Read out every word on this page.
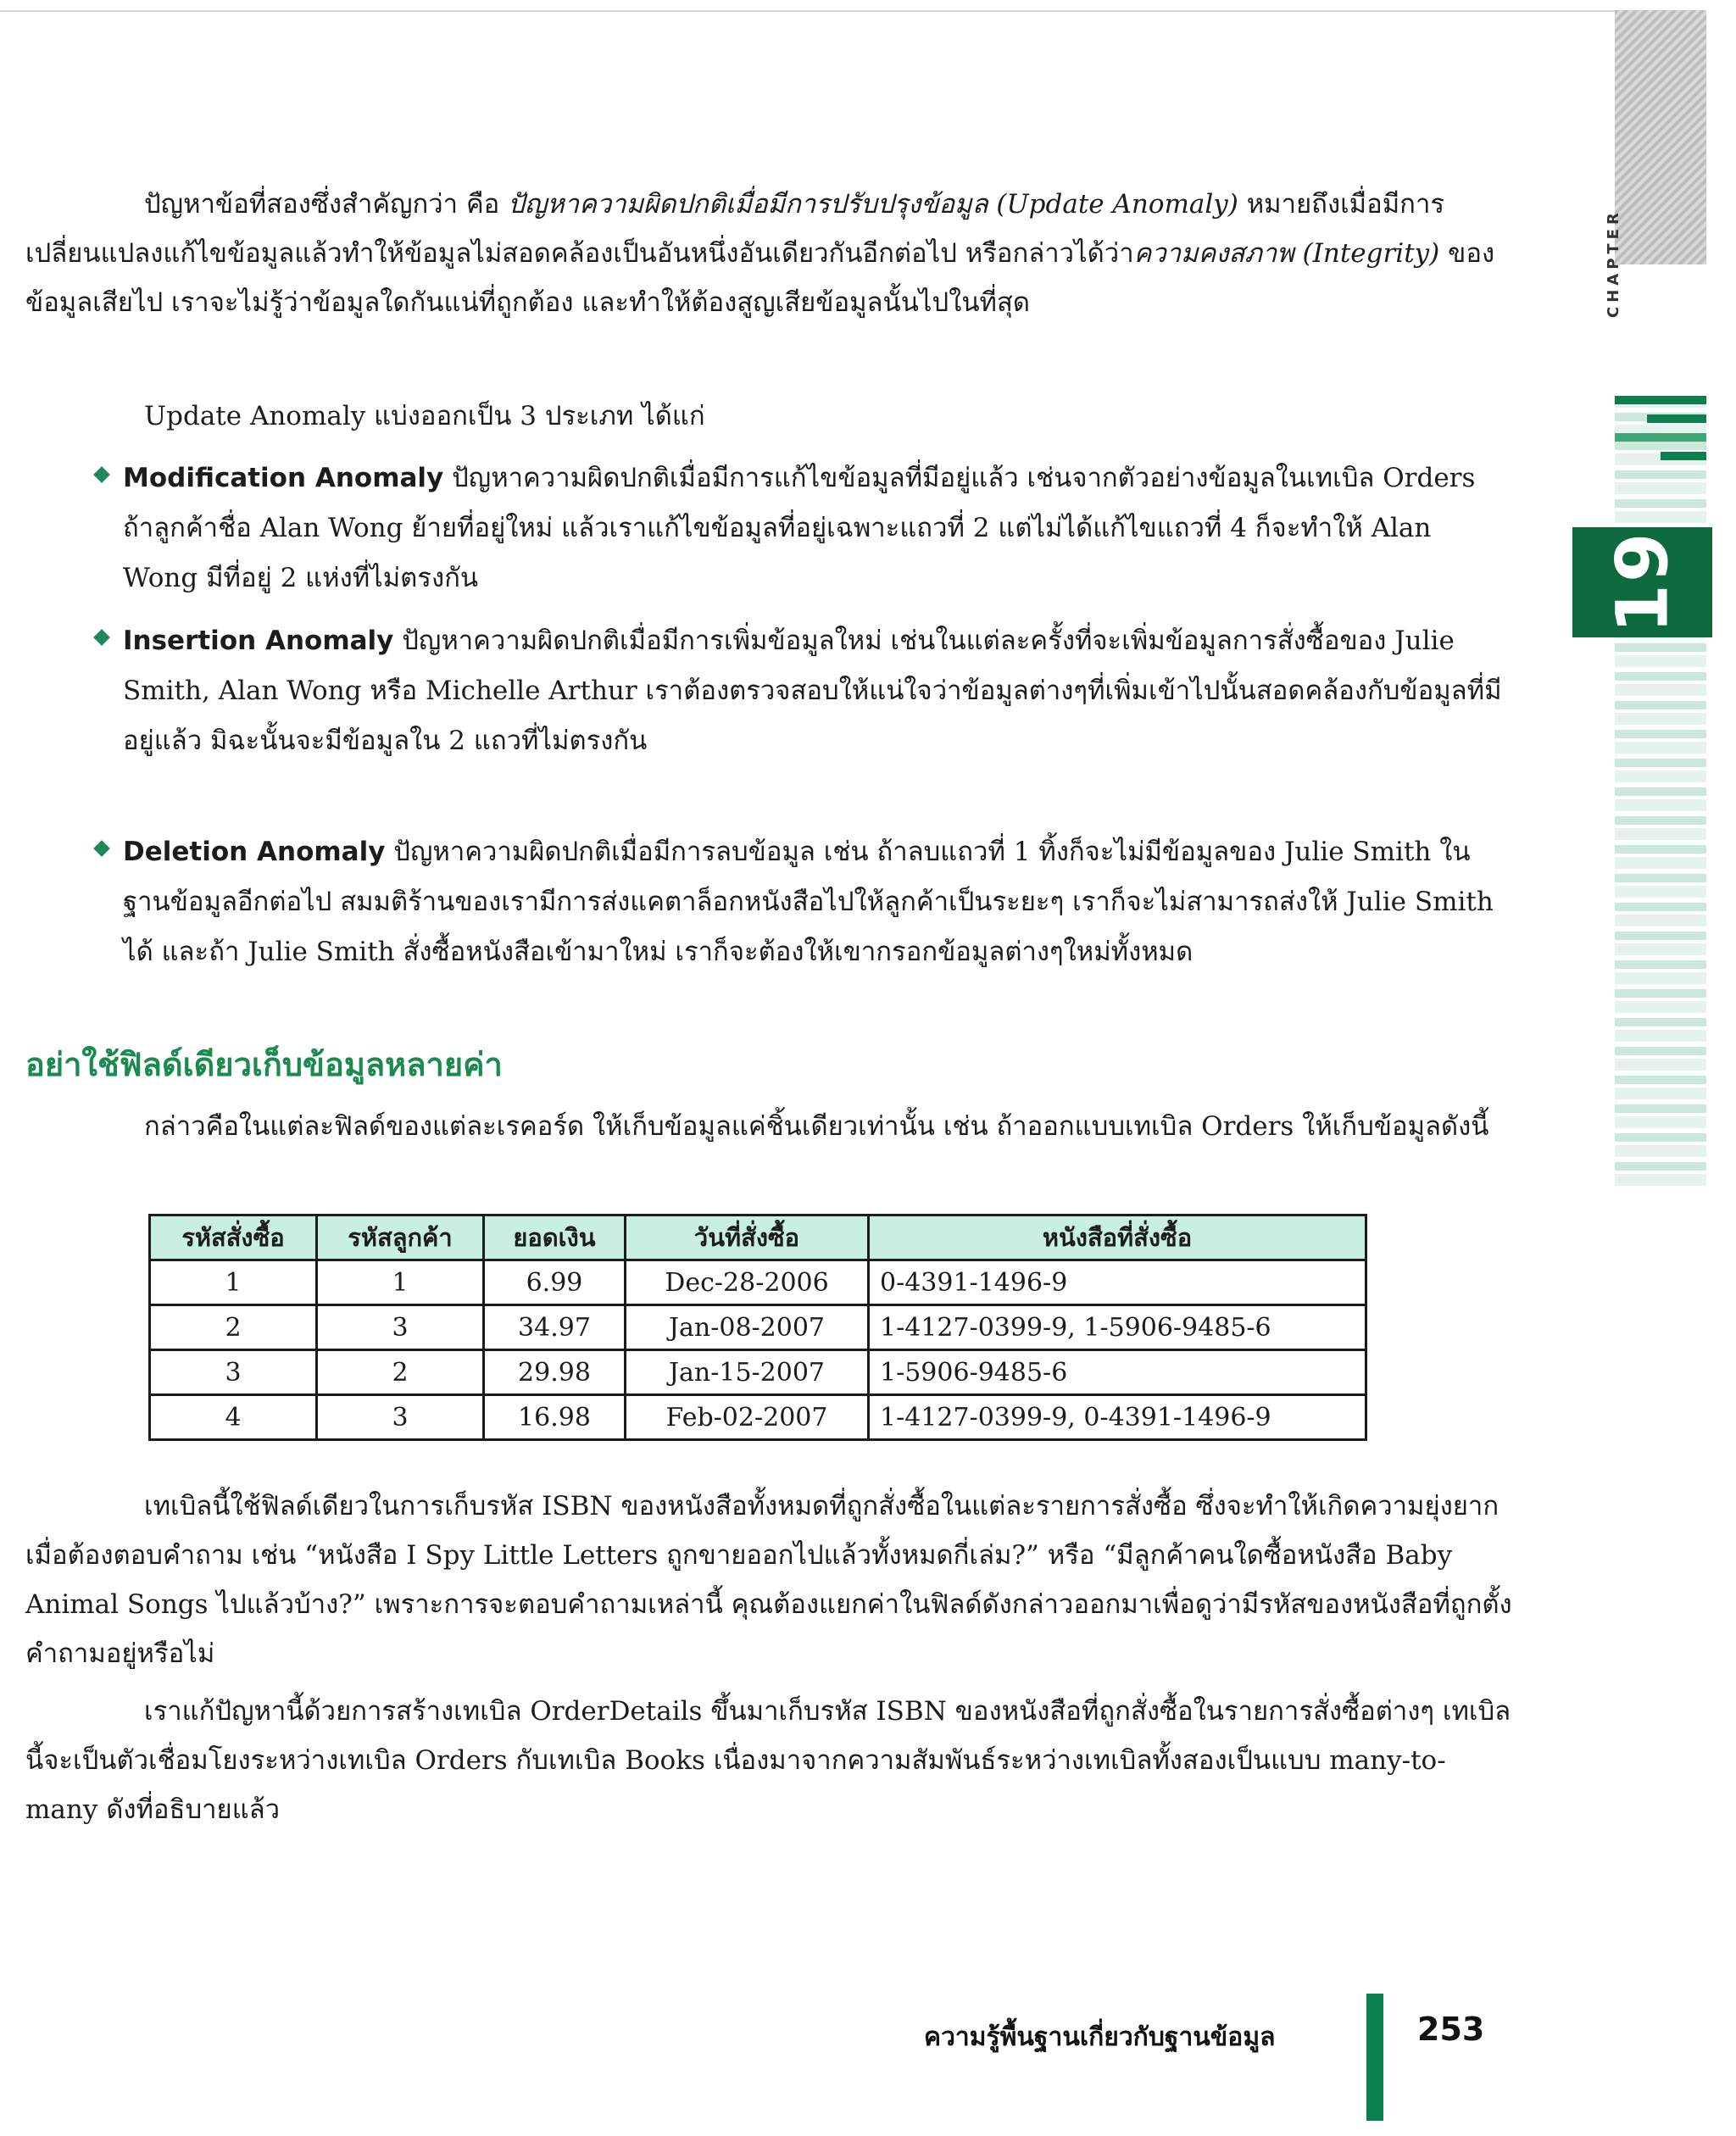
CHAPTER
19

ปัญหาข้อที่สองซึ่งสำคัญกว่า คือ ปัญหาความผิดปกติเมื่อมีการปรับปรุงข้อมูล (Update Anomaly) หมายถึงเมื่อมีการเปลี่ยนแปลงแก้ไขข้อมูลแล้วทำให้ข้อมูลไม่สอดคล้องเป็นอันหนึ่งอันเดียวกันอีกต่อไป หรือกล่าวได้ว่าความคงสภาพ (Integrity) ของข้อมูลเสียไป เราจะไม่รู้ว่าข้อมูลใดกันแน่ที่ถูกต้อง และทำให้ต้องสูญเสียข้อมูลนั้นไปในที่สุด

Update Anomaly แบ่งออกเป็น 3 ประเภท ได้แก่

Modification Anomaly ปัญหาความผิดปกติเมื่อมีการแก้ไขข้อมูลที่มีอยู่แล้ว เช่นจากตัวอย่างข้อมูลในเทเบิล Orders ถ้าลูกค้าชื่อ Alan Wong ย้ายที่อยู่ใหม่ แล้วเราแก้ไขข้อมูลที่อยู่เฉพาะแถวที่ 2 แต่ไม่ได้แก้ไขแถวที่ 4 ก็จะทำให้ Alan Wong มีที่อยู่ 2 แห่งที่ไม่ตรงกัน
Insertion Anomaly ปัญหาความผิดปกติเมื่อมีการเพิ่มข้อมูลใหม่ เช่นในแต่ละครั้งที่จะเพิ่มข้อมูลการสั่งซื้อของ Julie Smith, Alan Wong หรือ Michelle Arthur เราต้องตรวจสอบให้แน่ใจว่าข้อมูลต่างๆที่เพิ่มเข้าไปนั้นสอดคล้องกับข้อมูลที่มีอยู่แล้ว มิฉะนั้นจะมีข้อมูลใน 2 แถวที่ไม่ตรงกัน
Deletion Anomaly ปัญหาความผิดปกติเมื่อมีการลบข้อมูล เช่น ถ้าลบแถวที่ 1 ทิ้งก็จะไม่มีข้อมูลของ Julie Smith ในฐานข้อมูลอีกต่อไป สมมติร้านของเรามีการส่งแคตาล็อกหนังสือไปให้ลูกค้าเป็นระยะๆ เราก็จะไม่สามารถส่งให้ Julie Smith ได้ และถ้า Julie Smith สั่งซื้อหนังสือเข้ามาใหม่ เราก็จะต้องให้เขากรอกข้อมูลต่างๆใหม่ทั้งหมด
อย่าใช้ฟิลด์เดียวเก็บข้อมูลหลายค่า

กล่าวคือในแต่ละฟิลด์ของแต่ละเรคอร์ด ให้เก็บข้อมูลแค่ชิ้นเดียวเท่านั้น เช่น ถ้าออกแบบเทเบิล Orders ให้เก็บข้อมูลดังนี้

รหัสสั่งซื้อ	รหัสลูกค้า	ยอดเงิน	วันที่สั่งซื้อ	หนังสือที่สั่งซื้อ
1	1	6.99	Dec-28-2006	0-4391-1496-9
2	3	34.97	Jan-08-2007	1-4127-0399-9, 1-5906-9485-6
3	2	29.98	Jan-15-2007	1-5906-9485-6
4	3	16.98	Feb-02-2007	1-4127-0399-9, 0-4391-1496-9

เทเบิลนี้ใช้ฟิลด์เดียวในการเก็บรหัส ISBN ของหนังสือทั้งหมดที่ถูกสั่งซื้อในแต่ละรายการสั่งซื้อ ซึ่งจะทำให้เกิดความยุ่งยากเมื่อต้องตอบคำถาม เช่น “หนังสือ I Spy Little Letters ถูกขายออกไปแล้วทั้งหมดกี่เล่ม?” หรือ “มีลูกค้าคนใดซื้อหนังสือ Baby Animal Songs ไปแล้วบ้าง?” เพราะการจะตอบคำถามเหล่านี้ คุณต้องแยกค่าในฟิลด์ดังกล่าวออกมาเพื่อดูว่ามีรหัสของหนังสือที่ถูกตั้งคำถามอยู่หรือไม่

เราแก้ปัญหานี้ด้วยการสร้างเทเบิล OrderDetails ขึ้นมาเก็บรหัส ISBN ของหนังสือที่ถูกสั่งซื้อในรายการสั่งซื้อต่างๆ เทเบิลนี้จะเป็นตัวเชื่อมโยงระหว่างเทเบิล Orders กับเทเบิล Books เนื่องมาจากความสัมพันธ์ระหว่างเทเบิลทั้งสองเป็นแบบ many-to-many ดังที่อธิบายแล้ว

ความรู้พื้นฐานเกี่ยวกับฐานข้อมูล	253
